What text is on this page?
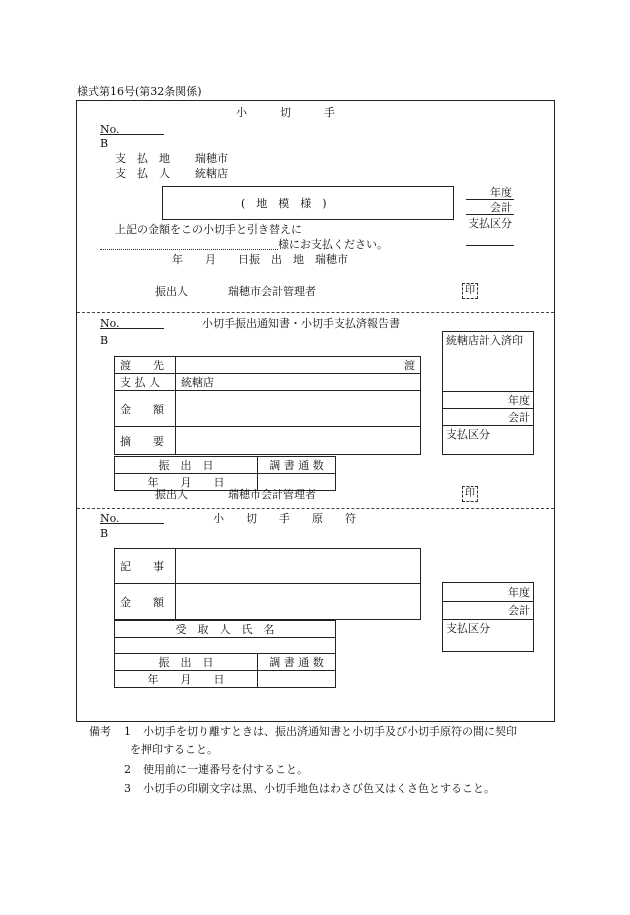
様式第16号(第32条関係)
小　　　切　　　手
No.
B
支　払　地 瑞穂市
支　払　人 統轄店
(　地　模　様　)
年度
会計
支払区分
上記の金額をこの小切手と引き替えに
様にお支払ください。
年　　月　　日振　出　地　瑞穂市
振出人	瑞穂市会計管理者	印
No.	小切手振出通知書・小切手支払済報告書
B
渡　　先	渡
支 払 人	統轄店
金　　額	
摘　　要	
振　出　日	調 書 通 数
年　　月　　日	
統轄店計入済印
年度
会計
支払区分
振出人	瑞穂市会計管理者	印
No.	小　　切　　手　　原　　符
B
記　　事	
金　　額	
受　取　人　氏　名	

振　出　日	調 書 通 数
年　　月　　日	
年度
会計
支払区分
備考 1 小切手を切り離すときは、振出済通知書と小切手及び小切手原符の間に契印
を押印すること。
2 使用前に一連番号を付すること。
3 小切手の印刷文字は黒、小切手地色はわさび色又はくさ色とすること。
